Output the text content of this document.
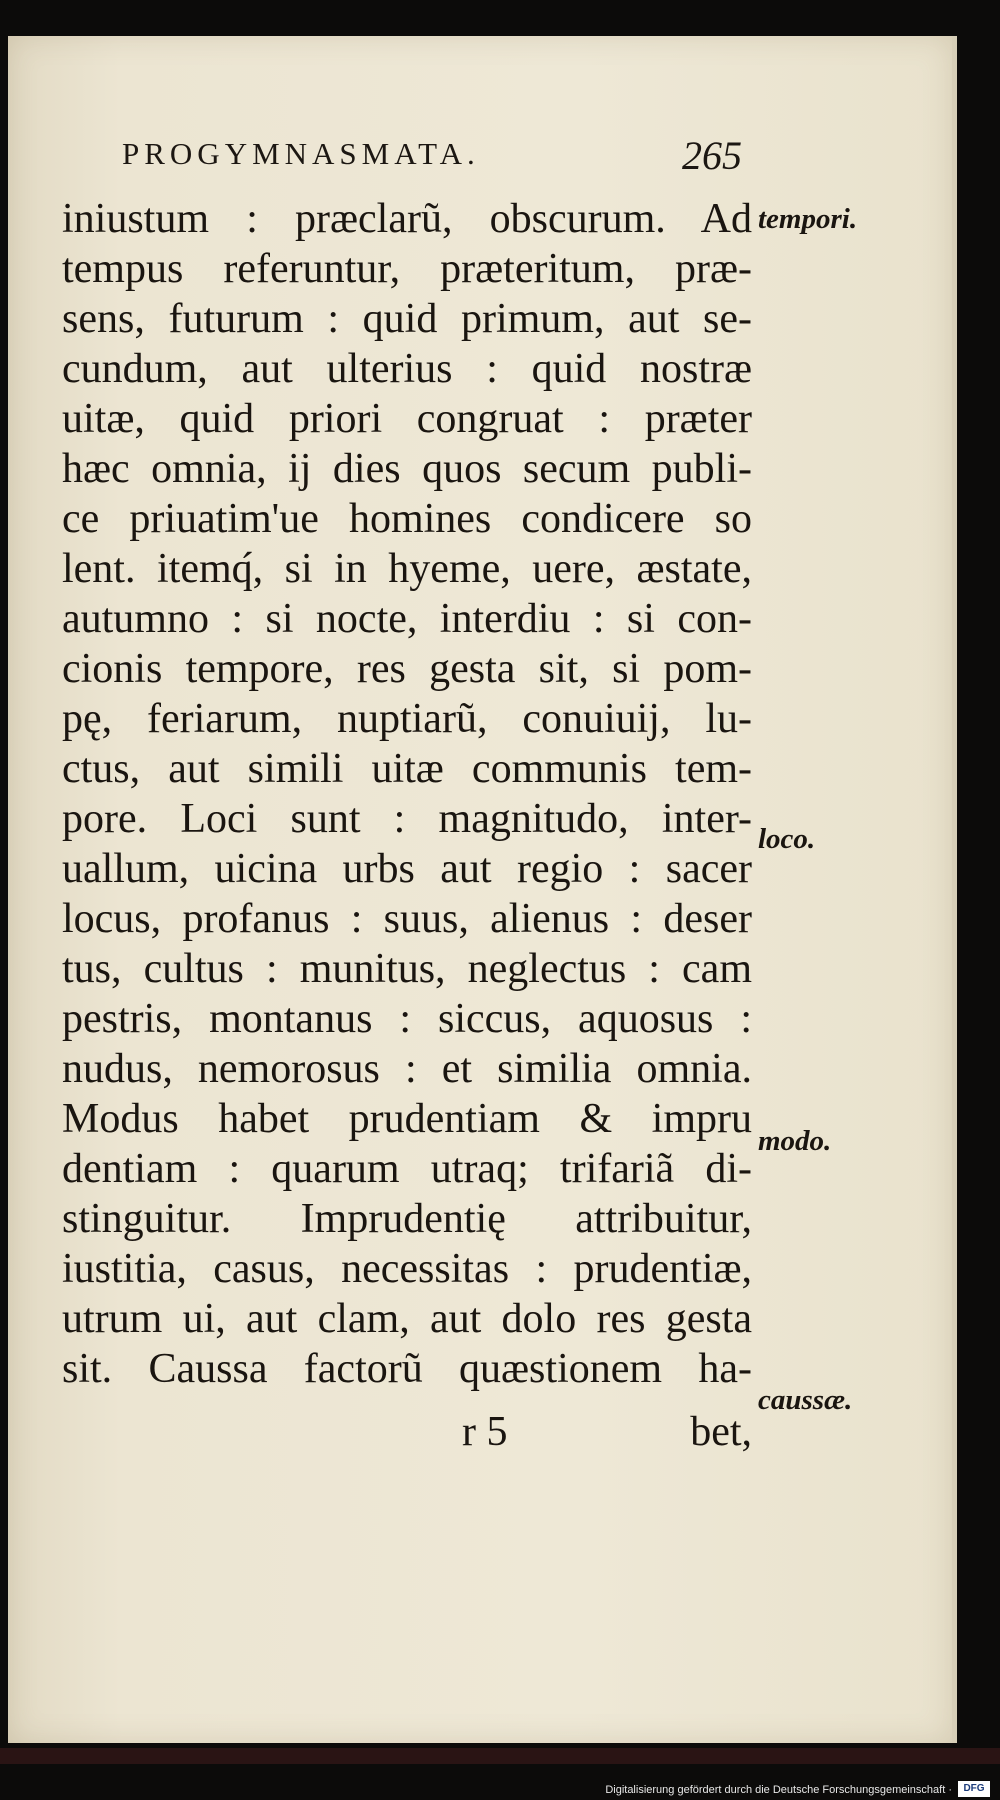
PROGYMNASMATA.	265
iniustum : præclarũ, obscurum. Ad
tempus referuntur, præteritum, præ-
sens, futurum : quid primum, aut se-
cundum, aut ulterius : quid nostræ
uitæ, quid priori congruat : præter
hæc omnia, ij dies quos secum publi-
ce priuatim'ue homines condicere so
lent. itemq́, si in hyeme, uere, æstate,
autumno : si nocte, interdiu : si con-
cionis tempore, res gesta sit, si pom-
pę, feriarum, nuptiarũ, conuiuij, lu-
ctus, aut simili uitæ communis tem-
pore. Loci sunt : magnitudo, inter-
uallum, uicina urbs aut regio : sacer
locus, profanus : suus, alienus : deser
tus, cultus : munitus, neglectus : cam
pestris, montanus : siccus, aquosus :
nudus, nemorosus : et similia omnia.
Modus habet prudentiam & impru
dentiam : quarum utraq; trifariã di-
stinguitur. Imprudentię attribuitur,
iustitia, casus, necessitas : prudentiæ,
utrum ui, aut clam, aut dolo res gesta
sit. Caussa factorũ quæstionem ha-
r 5	bet,
tempori.
loco.
modo.
caussæ.
Digitalisierung gefördert durch die Deutsche Forschungsgemeinschaft ·	DFG
